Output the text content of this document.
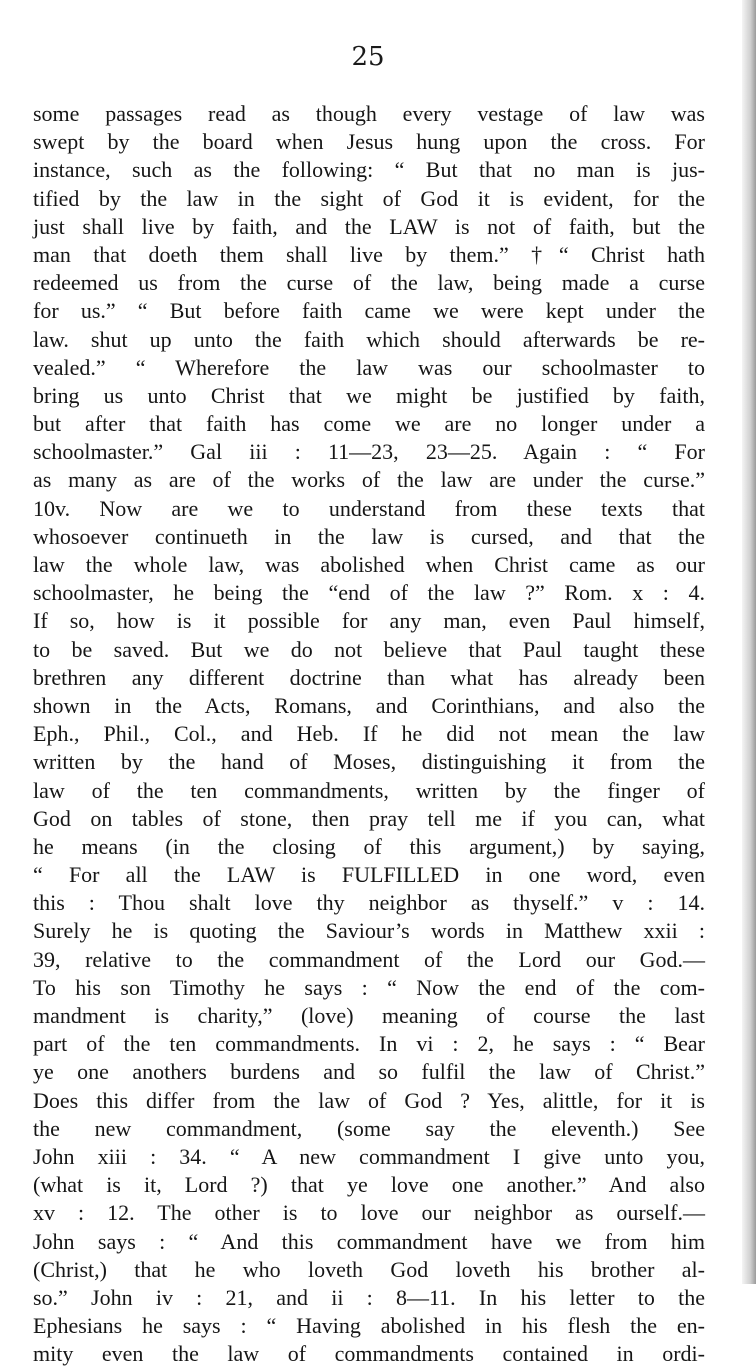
25
some passages read as though every vestage of law was
swept by the board when Jesus hung upon the cross. For
instance, such as the following: “ But that no man is jus-
tified by the law in the sight of God it is evident, for the
just shall live by faith, and the LAW is not of faith, but the
man that doeth them shall live by them.” †“ Christ hath
redeemed us from the curse of the law, being made a curse
for us.” “ But before faith came we were kept under the
law. shut up unto the faith which should afterwards be re-
vealed.” “ Wherefore the law was our schoolmaster to
bring us unto Christ that we might be justified by faith,
but after that faith has come we are no longer under a
schoolmaster.” Gal iii : 11—23, 23—25. Again : “ For
as many as are of the works of the law are under the curse.”
10v. Now are we to understand from these texts that
whosoever continueth in the law is cursed, and that the
law the whole law, was abolished when Christ came as our
schoolmaster, he being the “end of the law ?” Rom. x : 4.
If so, how is it possible for any man, even Paul himself,
to be saved. But we do not believe that Paul taught these
brethren any different doctrine than what has already been
shown in the Acts, Romans, and Corinthians, and also the
Eph., Phil., Col., and Heb. If he did not mean the law
written by the hand of Moses, distinguishing it from the
law of the ten commandments, written by the finger of
God on tables of stone, then pray tell me if you can, what
he means (in the closing of this argument,) by saying,
“ For all the LAW is FULFILLED in one word, even
this : Thou shalt love thy neighbor as thyself.” v : 14.
Surely he is quoting the Saviour’s words in Matthew xxii :
39, relative to the commandment of the Lord our God.—
To his son Timothy he says : “ Now the end of the com-
mandment is charity,” (love) meaning of course the last
part of the ten commandments. In vi : 2, he says : “ Bear
ye one anothers burdens and so fulfil the law of Christ.”
Does this differ from the law of God ? Yes, alittle, for it is
the new commandment, (some say the eleventh.) See
John xiii : 34. “ A new commandment I give unto you,
(what is it, Lord ?) that ye love one another.” And also
xv : 12. The other is to love our neighbor as ourself.—
John says : “ And this commandment have we from him
(Christ,) that he who loveth God loveth his brother al-
so.” John iv : 21, and ii : 8—11. In his letter to the
Ephesians he says : “ Having abolished in his flesh the en-
mity even the law of commandments contained in ordi-
